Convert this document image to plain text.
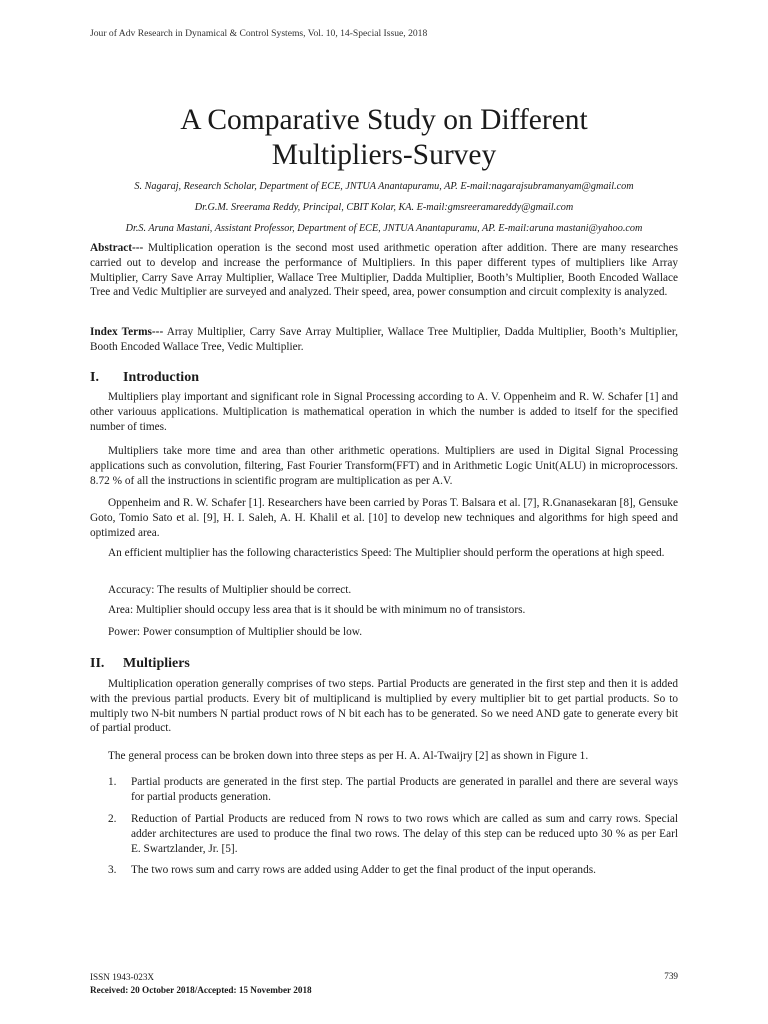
Jour of Adv Research in Dynamical & Control Systems, Vol. 10, 14-Special Issue, 2018
A Comparative Study on Different
Multipliers-Survey

S. Nagaraj, Research Scholar, Department of ECE, JNTUA Anantapuramu, AP. E-mail:nagarajsubramanyam@gmail.com

Dr.G.M. Sreerama Reddy, Principal, CBIT Kolar, KA. E-mail:gmsreeramareddy@gmail.com

Dr.S. Aruna Mastani, Assistant Professor, Department of ECE, JNTUA Anantapuramu, AP. E-mail:aruna mastani@yahoo.com

Abstract--- Multiplication operation is the second most used arithmetic operation after addition. There are many researches carried out to develop and increase the performance of Multipliers. In this paper different types of multipliers like Array Multiplier, Carry Save Array Multiplier, Wallace Tree Multiplier, Dadda Multiplier, Booth’s Multiplier, Booth Encoded Wallace Tree and Vedic Multiplier are surveyed and analyzed. Their speed, area, power consumption and circuit complexity is analyzed.

Index Terms--- Array Multiplier, Carry Save Array Multiplier, Wallace Tree Multiplier, Dadda Multiplier, Booth’s Multiplier, Booth Encoded Wallace Tree, Vedic Multiplier.

I. Introduction

Multipliers play important and significant role in Signal Processing according to A. V. Oppenheim and R. W. Schafer [1] and other variouus applications. Multiplication is mathematical operation in which the number is added to itself for the specified number of times.

Multipliers take more time and area than other arithmetic operations. Multipliers are used in Digital Signal Processing applications such as convolution, filtering, Fast Fourier Transform(FFT) and in Arithmetic Logic Unit(ALU) in microprocessors. 8.72 % of all the instructions in scientific program are multiplication as per A.V.

Oppenheim and R. W. Schafer [1]. Researchers have been carried by Poras T. Balsara et al. [7], R.Gnanasekaran [8], Gensuke Goto, Tomio Sato et al. [9], H. I. Saleh, A. H. Khalil et al. [10] to develop new techniques and algorithms for high speed and optimized area.

An efficient multiplier has the following characteristics Speed: The Multiplier should perform the operations at high speed.

Accuracy: The results of Multiplier should be correct.

Area: Multiplier should occupy less area that is it should be with minimum no of transistors.

Power: Power consumption of Multiplier should be low.

II. Multipliers

Multiplication operation generally comprises of two steps. Partial Products are generated in the first step and then it is added with the previous partial products. Every bit of multiplicand is multiplied by every multiplier bit to get partial products. So to multiply two N-bit numbers N partial product rows of N bit each has to be generated. So we need AND gate to generate every bit of partial product.

The general process can be broken down into three steps as per H. A. Al-Twaijry [2] as shown in Figure 1.

1.	Partial products are generated in the first step. The partial Products are generated in parallel and there are several ways for partial products generation.
2.	Reduction of Partial Products are reduced from N rows to two rows which are called as sum and carry rows. Special adder architectures are used to produce the final two rows. The delay of this step can be reduced upto 30 % as per Earl E. Swartzlander, Jr. [5].
3.	The two rows sum and carry rows are added using Adder to get the final product of the input operands.
ISSN 1943-023X
Received: 20 October 2018/Accepted: 15 November 2018
739
